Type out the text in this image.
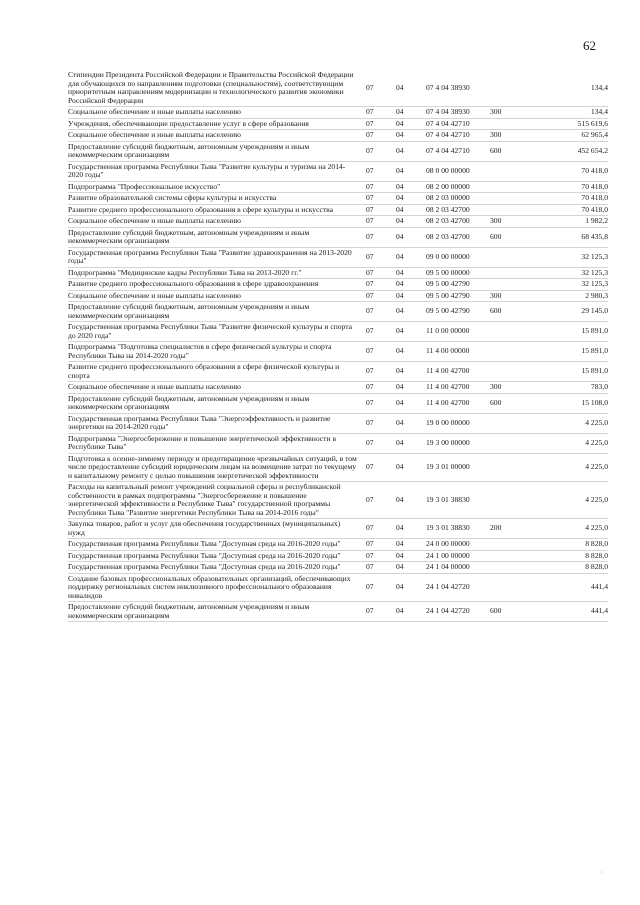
62
Стипендии Президента Российской Федерации и Правительства Российской Федерации для обучающихся по направлениям подготовки (специальностям), соответствующим приоритетным направлениям модернизации и технологического развития экономики Российской Федерации	07	04	07 4 04 38930		134,4
Социальное обеспечение и иные выплаты населению	07	04	07 4 04 38930	300	134,4
Учреждения, обеспечивающие предоставление услуг в сфере образования	07	04	07 4 04 42710		515 619,6
Социальное обеспечение и иные выплаты населению	07	04	07 4 04 42710	300	62 965,4
Предоставление субсидий бюджетным, автономным учреждениям и иным некоммерческим организациям	07	04	07 4 04 42710	600	452 654,2
Государственная программа Республики Тыва "Развитие культуры и туризма на 2014-2020 годы"	07	04	08 0 00 00000		70 418,0
Подпрограмма "Профессиональное искусство"	07	04	08 2 00 00000		70 418,0
Развитие образовательной системы сферы культуры и искусства	07	04	08 2 03 00000		70 418,0
Развитие среднего профессионального образования в сфере культуры и искусства	07	04	08 2 03 42700		70 418,0
Социальное обеспечение и иные выплаты населению	07	04	08 2 03 42700	300	1 982,2
Предоставление субсидий бюджетным, автономным учреждениям и иным некоммерческим организациям	07	04	08 2 03 42700	600	68 435,8
Государственная программа Республики Тыва "Развитие здравоохранения на 2013-2020 годы"	07	04	09 0 00 00000		32 125,3
Подпрограмма "Медицинские кадры Республики Тыва на 2013-2020 гг."	07	04	09 5 00 00000		32 125,3
Развитие среднего профессионального образования в сфере здравоохранения	07	04	09 5 00 42790		32 125,3
Социальное обеспечение и иные выплаты населению	07	04	09 5 00 42790	300	2 980,3
Предоставление субсидий бюджетным, автономным учреждениям и иным некоммерческим организациям	07	04	09 5 00 42790	600	29 145,0
Государственная программа Республики Тыва "Развитие физической культуры и спорта до 2020 года"	07	04	11 0 00 00000		15 891,0
Подпрограмма "Подготовка специалистов в сфере физической культуры и спорта Республики Тыва на 2014-2020 годы"	07	04	11 4 00 00000		15 891,0
Развитие среднего профессионального образования в сфере физической культуры и спорта	07	04	11 4 00 42700		15 891,0
Социальное обеспечение и иные выплаты населению	07	04	11 4 00 42700	300	783,0
Предоставление субсидий бюджетным, автономным учреждениям и иным некоммерческим организациям	07	04	11 4 00 42700	600	15 108,0
Государственная программа Республики Тыва "Энергоэффективность и развитие энергетики на 2014-2020 годы"	07	04	19 0 00 00000		4 225,0
Подпрограмма "Энергосбережение и повышение энергетической эффективности в Республике Тыва"	07	04	19 3 00 00000		4 225,0
Подготовка к осенне-зимнему периоду и предотвращение чрезвычайных ситуаций, в том числе предоставление субсидий юридическим лицам на возмещение затрат по текущему и капитальному ремонту с целью повышения энергетической эффективности	07	04	19 3 01 00000		4 225,0
Расходы на капитальный ремонт учреждений социальной сферы и республиканской собственности в рамках подпрограммы "Энергосбережение и повышение энергетической эффективности в Республике Тыва" государственной программы Республики Тыва "Развитие энергетики Республики Тыва на 2014-2016 годы"	07	04	19 3 01 38830		4 225,0
Закупка товаров, работ и услуг для обеспечения государственных (муниципальных) нужд	07	04	19 3 01 38830	200	4 225,0
Государственная программа Республики Тыва "Доступная среда на 2016-2020 годы"	07	04	24 0 00 00000		8 828,0
Государственная программа Республики Тыва "Доступная среда на 2016-2020 годы"	07	04	24 1 00 00000		8 828,0
Государственная программа Республики Тыва "Доступная среда на 2016-2020 годы"	07	04	24 1 04 00000		8 828,0
Создание базовых профессиональных образовательных организаций, обеспечивающих поддержку региональных систем инклюзивного профессионального образования инвалидов	07	04	24 1 04 42720		441,4
Предоставление субсидий бюджетным, автономным учреждениям и иным некоммерческим организациям	07	04	24 1 04 42720	600	441,4
·
